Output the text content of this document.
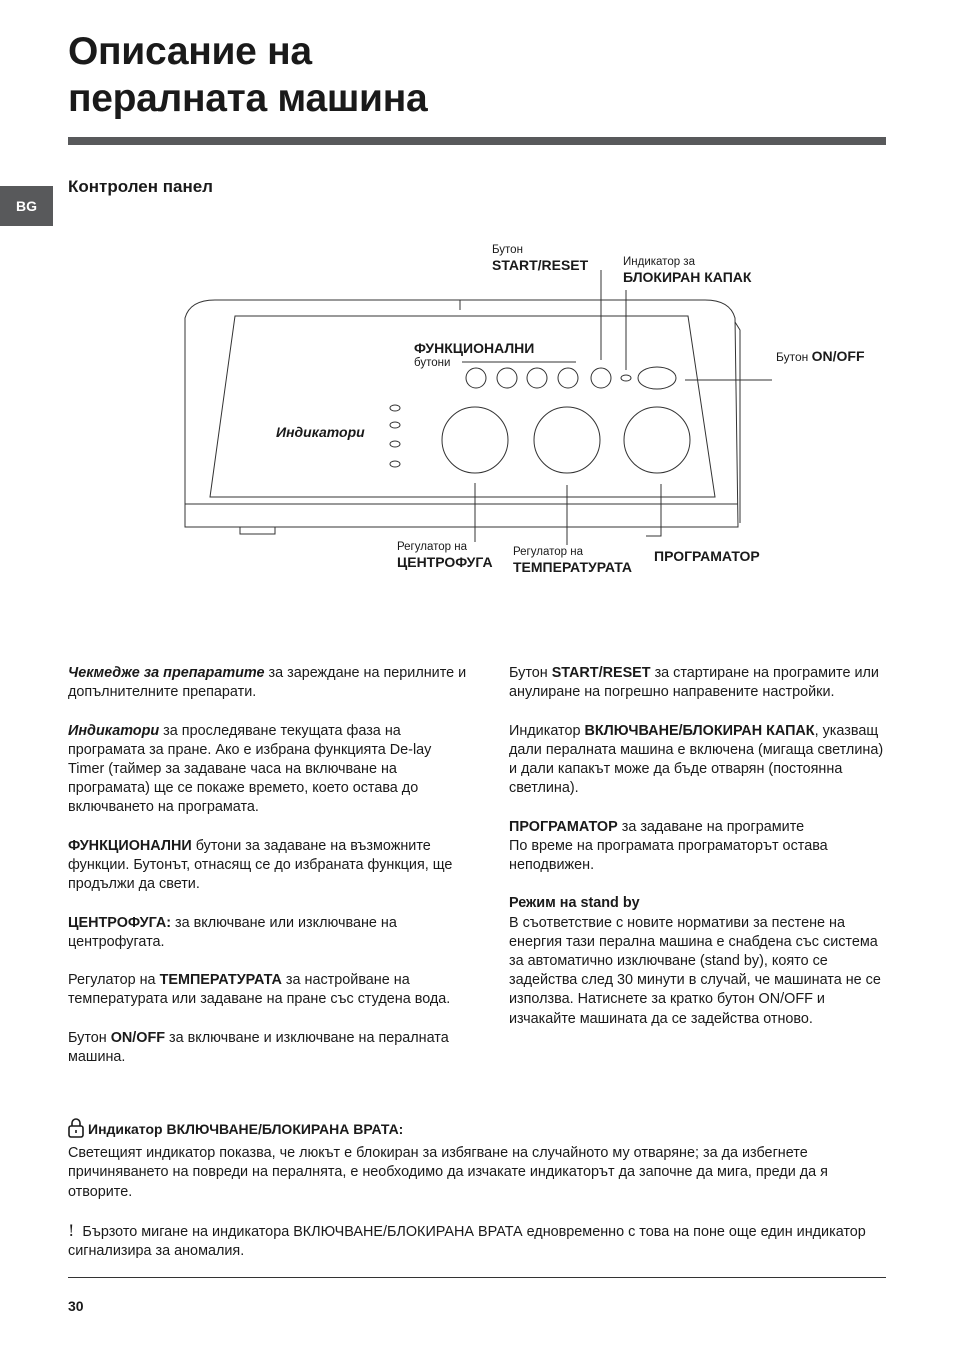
Описание на
пералната машина
BG
Контролен панел
Бутон
START/RESET	Индикатор за
БЛОКИРАН КАПАК
ФУНКЦИОНАЛНИ
бутони	Бутон ON/OFF
Индикатори
Регулатор на
ЦЕНТРОФУГА
Регулатор на
ТЕМПЕРАТУРАТА
ПРОГРАМАТОР

Чекмедже за препаратите за зареждане на перилните и допълнителните препарати.

Индикатори за проследяване текущата фаза на програмата за пране. Ако е избрана функцията De-lay Timer (таймер за задаване часа на включване на програмата) ще се покаже времето, което остава до включването на програмата.

ФУНКЦИОНАЛНИ бутони за задаване на възможните функции. Бутонът, отнасящ се до избраната функция, ще продължи да свети.

ЦЕНТРОФУГА: за включване или изключване на центрофугата.

Регулатор на ТЕМПЕРАТУРАТА за настройване на температурата или задаване на пране със студена вода.

Бутон ON/OFF за включване и изключване на пералната машина.

Бутон START/RESET за стартиране на програмите или анулиране на погрешно направените настройки.

Индикатор ВКЛЮЧВАНЕ/БЛОКИРАН КАПАК, указващ дали пералната машина е включена (мигаща светлина) и дали капакът може да бъде отварян (постоянна светлина).

ПРОГРАМАТОР за задаване на програмите
По време на програмата програматорът остава неподвижен.

Режим на stand by
В съответствие с новите нормативи за пестене на енергия тази перална машина е снабдена със система за автоматично изключване (stand by), която се задейства след 30 минути в случай, че машината не се използва. Натиснете за кратко бутон ON/OFF и изчакайте машината да се задейства отново.

Индикатор ВКЛЮЧВАНЕ/БЛОКИРАНА ВРАТА:
Светещият индикатор показва, че люкът е блокиран за избягване на случайното му отваряне; за да избегнете причиняването на повреди на пералнята, е необходимо да изчакате индикаторът да започне да мига, преди да я отворите.
! Бързото мигане на индикатора ВКЛЮЧВАНЕ/БЛОКИРАНА ВРАТА едновременно с това на поне още един индикатор сигнализира за аномалия.
30
